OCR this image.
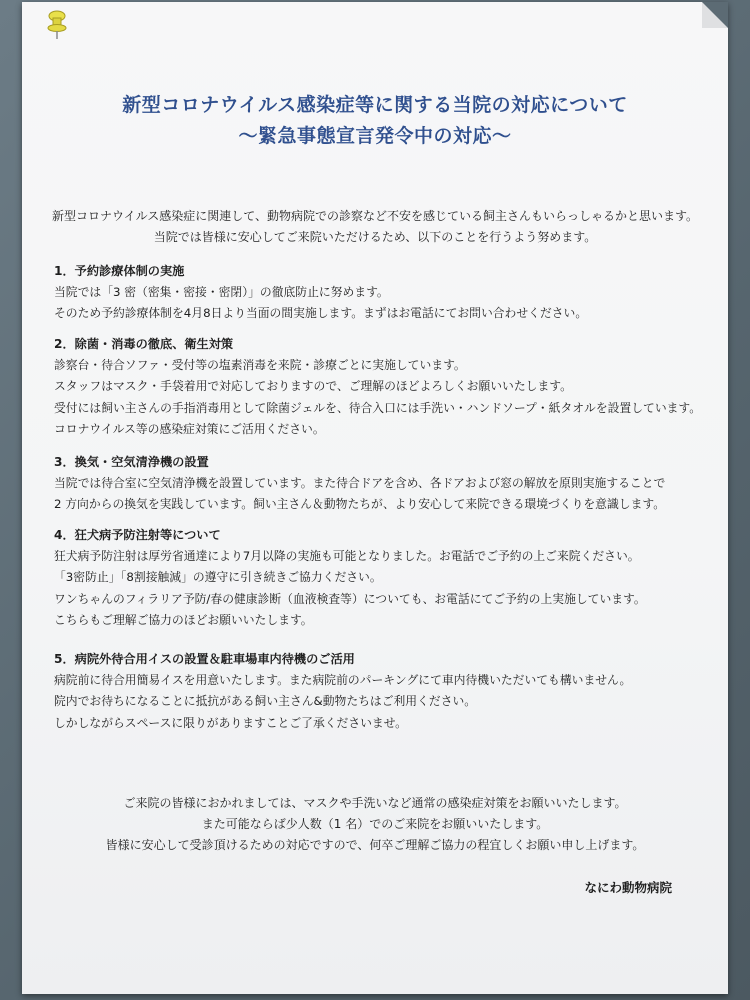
新型コロナウイルス感染症等に関する当院の対応について
～緊急事態宣言発令中の対応～
新型コロナウイルス感染症に関連して、動物病院での診察など不安を感じている飼主さんもいらっしゃるかと思います。
当院では皆様に安心してご来院いただけるため、以下のことを行うよう努めます。
1．予約診療体制の実施
当院では「3 密（密集・密接・密閉）」の徹底防止に努めます。
そのため予約診療体制を4月8日より当面の間実施します。まずはお電話にてお問い合わせください。
2．除菌・消毒の徹底、衛生対策
診察台・待合ソファ・受付等の塩素消毒を来院・診療ごとに実施しています。
スタッフはマスク・手袋着用で対応しておりますので、ご理解のほどよろしくお願いいたします。
受付には飼い主さんの手指消毒用として除菌ジェルを、待合入口には手洗い・ハンドソープ・紙タオルを設置しています。
コロナウイルス等の感染症対策にご活用ください。
3．換気・空気清浄機の設置
当院では待合室に空気清浄機を設置しています。また待合ドアを含め、各ドアおよび窓の解放を原則実施することで
2 方向からの換気を実践しています。飼い主さん＆動物たちが、より安心して来院できる環境づくりを意識します。
4．狂犬病予防注射等について
狂犬病予防注射は厚労省通達により7月以降の実施も可能となりました。お電話でご予約の上ご来院ください。
「3密防止」「8割接触減」の遵守に引き続きご協力ください。
ワンちゃんのフィラリア予防/春の健康診断（血液検査等）についても、お電話にてご予約の上実施しています。
こちらもご理解ご協力のほどお願いいたします。
5．病院外待合用イスの設置＆駐車場車内待機のご活用
病院前に待合用簡易イスを用意いたします。また病院前のパーキングにて車内待機いただいても構いません。
院内でお待ちになることに抵抗がある飼い主さん&動物たちはご利用ください。
しかしながらスペースに限りがありますことご了承くださいませ。
ご来院の皆様におかれましては、マスクや手洗いなど通常の感染症対策をお願いいたします。
また可能ならば少人数（1 名）でのご来院をお願いいたします。
皆様に安心して受診頂けるための対応ですので、何卒ご理解ご協力の程宜しくお願い申し上げます。
なにわ動物病院
